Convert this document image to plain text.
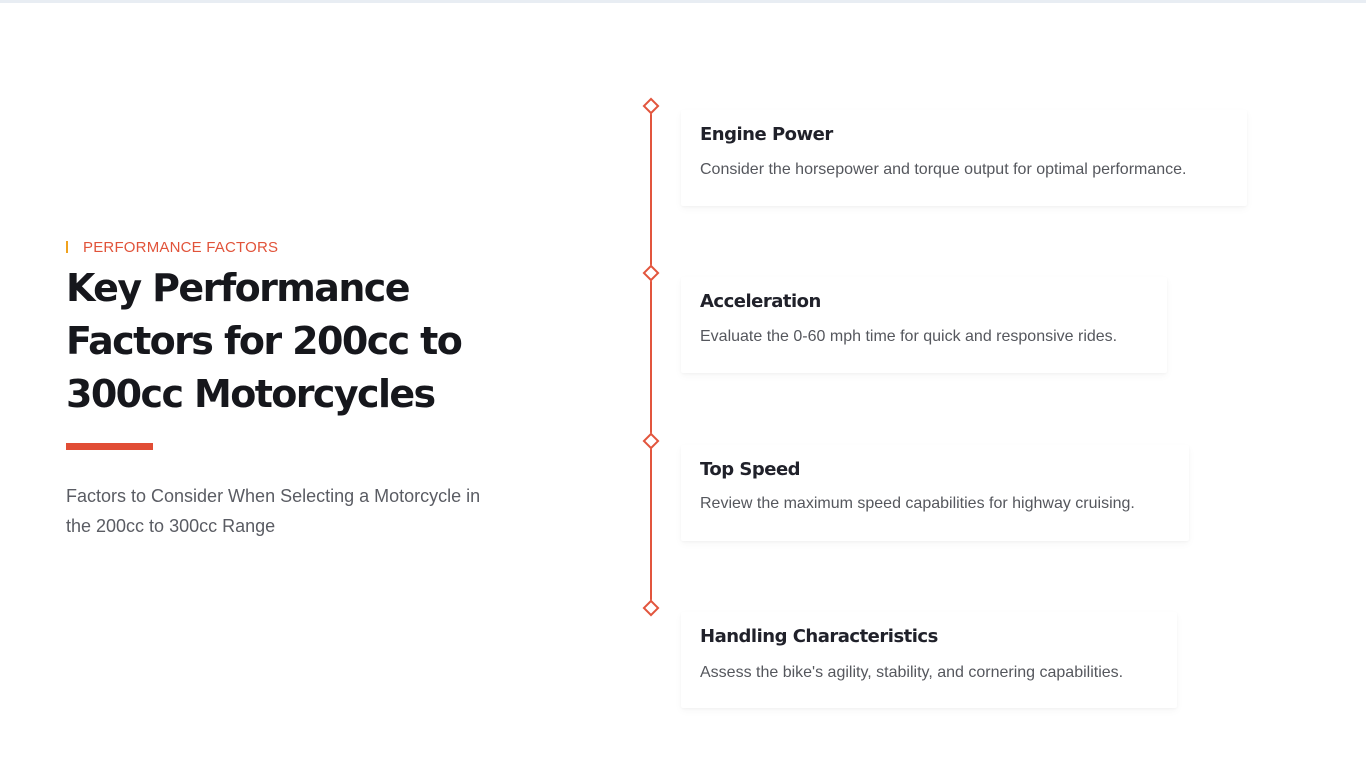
PERFORMANCE FACTORS
Key Performance Factors for 200cc to 300cc Motorcycles

Factors to Consider When Selecting a Motorcycle in the 200cc to 300cc Range

Engine Power

Consider the horsepower and torque output for optimal performance.

Acceleration

Evaluate the 0-60 mph time for quick and responsive rides.

Top Speed

Review the maximum speed capabilities for highway cruising.

Handling Characteristics

Assess the bike's agility, stability, and cornering capabilities.
